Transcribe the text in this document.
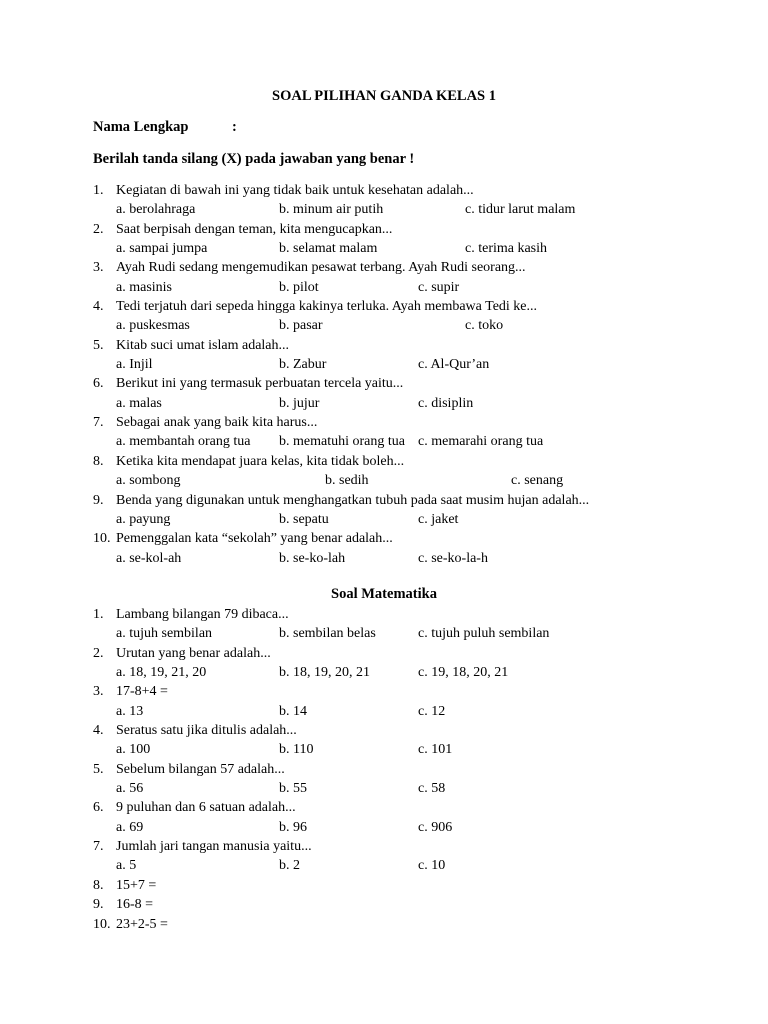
SOAL PILIHAN GANDA KELAS 1
Nama Lengkap	:
Berilah tanda silang (X) pada jawaban yang benar !
1. Kegiatan di bawah ini yang tidak baik untuk kesehatan adalah...
a. berolahraga	b. minum air putih	c. tidur larut malam
2. Saat berpisah dengan teman, kita mengucapkan...
a. sampai jumpa	b. selamat malam	c. terima kasih
3. Ayah Rudi sedang mengemudikan pesawat terbang. Ayah Rudi seorang...
a. masinis	b. pilot	c. supir
4. Tedi terjatuh dari sepeda hingga kakinya terluka. Ayah membawa Tedi ke...
a. puskesmas	b. pasar	c. toko
5. Kitab suci umat islam adalah...
a. Injil	b. Zabur	c. Al-Qur’an
6. Berikut ini yang termasuk perbuatan tercela yaitu...
a. malas	b. jujur	c. disiplin
7. Sebagai anak yang baik kita harus...
a. membantah orang tua b. mematuhi orang tua c. memarahi orang tua
8. Ketika kita mendapat juara kelas, kita tidak boleh...
a. sombong	b. sedih	c. senang
9. Benda yang digunakan untuk menghangatkan tubuh pada saat musim hujan adalah...
a. payung	b. sepatu	c. jaket
10. Pemenggalan kata “sekolah” yang benar adalah...
a. se-kol-ah	b. se-ko-lah	c. se-ko-la-h
Soal Matematika
1. Lambang bilangan 79 dibaca...
a. tujuh sembilan	b. sembilan belas	c. tujuh puluh sembilan
2. Urutan yang benar adalah...
a. 18, 19, 21, 20	b. 18, 19, 20, 21	c. 19, 18, 20, 21
3. 17-8+4 =
a. 13	b. 14	c. 12
4. Seratus satu jika ditulis adalah...
a. 100	b. 110	c. 101
5. Sebelum bilangan 57 adalah...
a. 56	b. 55	c. 58
6. 9 puluhan dan 6 satuan adalah...
a. 69	b. 96	c. 906
7. Jumlah jari tangan manusia yaitu...
a. 5	b. 2	c. 10
8. 15+7 =
9. 16-8 =
10. 23+2-5 =
